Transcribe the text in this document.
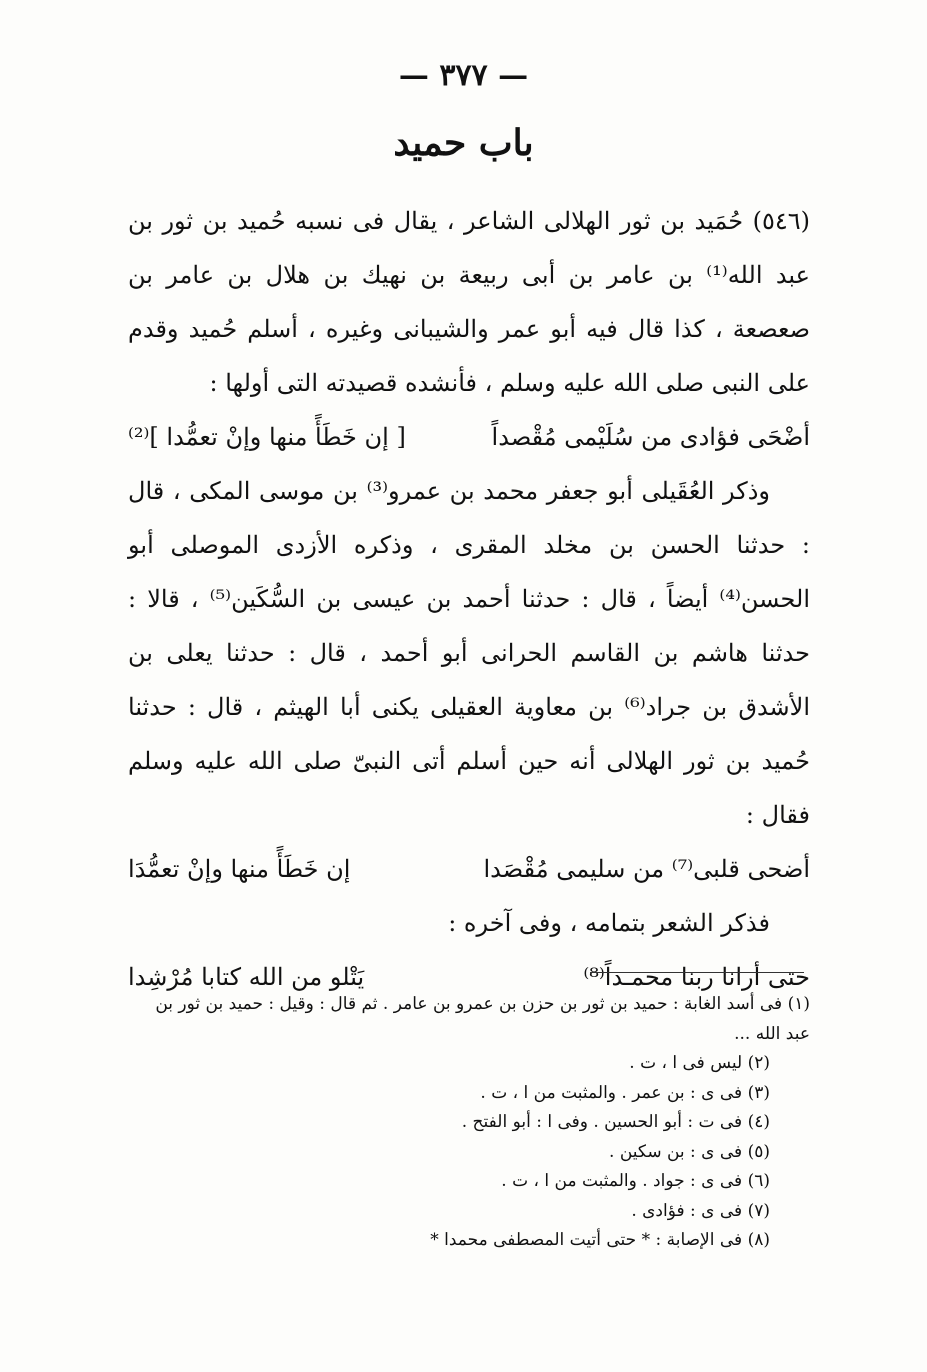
— ٣٧٧ —
باب حميد

(٥٤٦) حُمَيد بن ثور الهلالى الشاعر ، يقال فى نسبه حُميد بن ثور بن عبد الله⁽¹⁾ بن عامر بن أبى ربيعة بن نهيك بن هلال بن عامر بن صعصعة ، كذا قال فيه أبو عمر والشيبانى وغيره ، أسلم حُميد وقدم على النبى صلى الله عليه وسلم ، فأنشده قصيدته التى أولها :

أضْحَى فؤادى من سُلَيْمى مُقْصداً
[ إن خَطَأً منها وإنْ تعمُّدا ]⁽²⁾

وذكر العُقَيلى أبو جعفر محمد بن عمرو⁽³⁾ بن موسى المكى ، قال : حدثنا الحسن بن مخلد المقرى ، وذكره الأزدى الموصلى أبو الحسن⁽⁴⁾ أيضاً ، قال : حدثنا أحمد بن عيسى بن السُّكَين⁽⁵⁾ ، قالا : حدثنا هاشم بن القاسم الحرانى أبو أحمد ، قال : حدثنا يعلى بن الأشدق بن جراد⁽⁶⁾ بن معاوية العقيلى يكنى أبا الهيثم ، قال : حدثنا حُميد بن ثور الهلالى أنه حين أسلم أتى النبىّ صلى الله عليه وسلم فقال :

أضحى قلبى⁽⁷⁾ من سليمى مُقْصَدا
إن خَطَأً منها وإنْ تعمُّدَا

فذكر الشعر بتمامه ، وفى آخره :

حتى أرانا ربنا محمـداً⁽⁸⁾
يَتْلو من الله كتابا مُرْشِدا

(١) فى أسد الغابة : حميد بن ثور بن حزن بن عمرو بن عامر . ثم قال : وقيل : حميد بن ثور بن عبد الله ...

(٢) ليس فى ا ، ت .

(٣) فى ى : بن عمر . والمثبت من ا ، ت .

(٤) فى ت : أبو الحسين . وفى ا : أبو الفتح .

(٥) فى ى : بن سكين .

(٦) فى ى : جواد . والمثبت من ا ، ت .

(٧) فى ى : فؤادى .

(٨) فى الإصابة : * حتى أتيت المصطفى محمدا *
